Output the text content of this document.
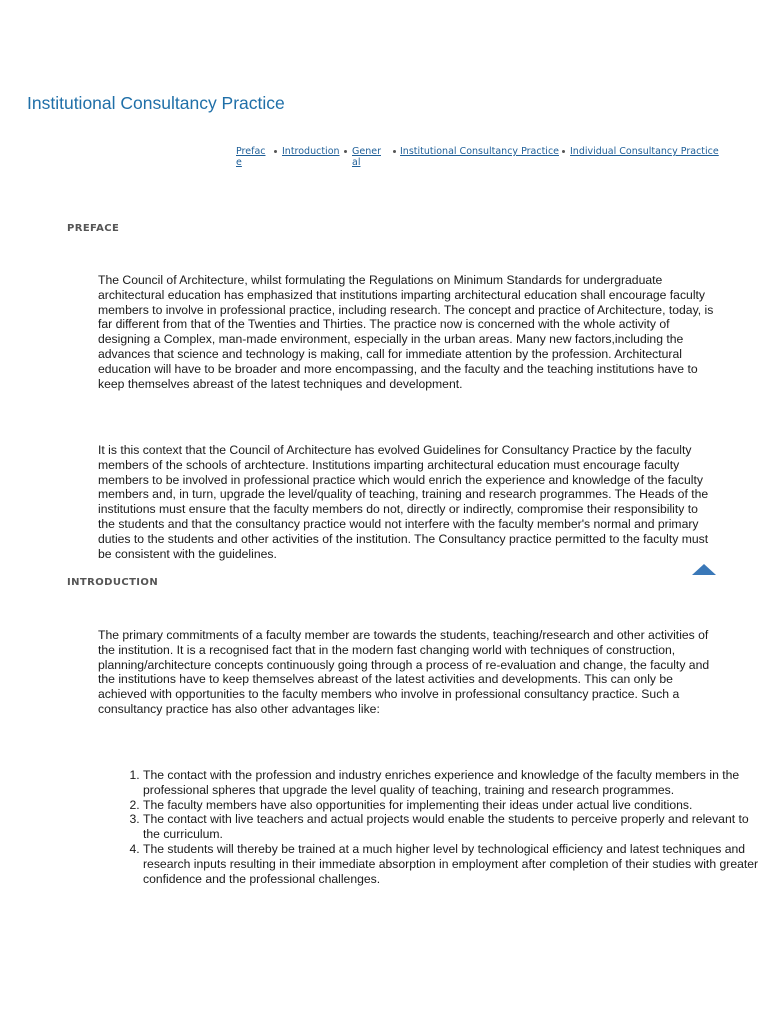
Institutional Consultancy Practice
Preface
Introduction General
Institutional Consultancy Practice Individual Consultancy Practice
PREFACE

The Council of Architecture, whilst formulating the Regulations on Minimum Standards for undergraduate architectural education has emphasized that institutions imparting architectural education shall encourage faculty members to involve in professional practice, including research. The concept and practice of Architecture, today, is far different from that of the Twenties and Thirties. The practice now is concerned with the whole activity of designing a Complex, man-made environment, especially in the urban areas. Many new factors,including the advances that science and technology is making, call for immediate attention by the profession. Architectural education will have to be broader and more encompassing, and the faculty and the teaching institutions have to keep themselves abreast of the latest techniques and development.

It is this context that the Council of Architecture has evolved Guidelines for Consultancy Practice by the faculty members of the schools of archtecture. Institutions imparting architectural education must encourage faculty members to be involved in professional practice which would enrich the experience and knowledge of the faculty members and, in turn, upgrade the level/quality of teaching, training and research programmes. The Heads of the institutions must ensure that the faculty members do not, directly or indirectly, compromise their responsibility to the students and that the consultancy practice would not interfere with the faculty member's normal and primary duties to the students and other activities of the institution. The Consultancy practice permitted to the faculty must be consistent with the guidelines.

INTRODUCTION

The primary commitments of a faculty member are towards the students, teaching/research and other activities of the institution. It is a recognised fact that in the modern fast changing world with techniques of construction, planning/architecture concepts continuously going through a process of re-evaluation and change, the faculty and the institutions have to keep themselves abreast of the latest activities and developments. This can only be achieved with opportunities to the faculty members who involve in professional consultancy practice. Such a consultancy practice has also other advantages like:

1. The contact with the profession and industry enriches experience and knowledge of the faculty members in the professional spheres that upgrade the level quality of teaching, training and research programmes.
2. The faculty members have also opportunities for implementing their ideas under actual live conditions.
3. The contact with live teachers and actual projects would enable the students to perceive properly and relevant to the curriculum.
4. The students will thereby be trained at a much higher level by technological efficiency and latest techniques and research inputs resulting in their immediate absorption in employment after completion of their studies with greater confidence and the professional challenges.
